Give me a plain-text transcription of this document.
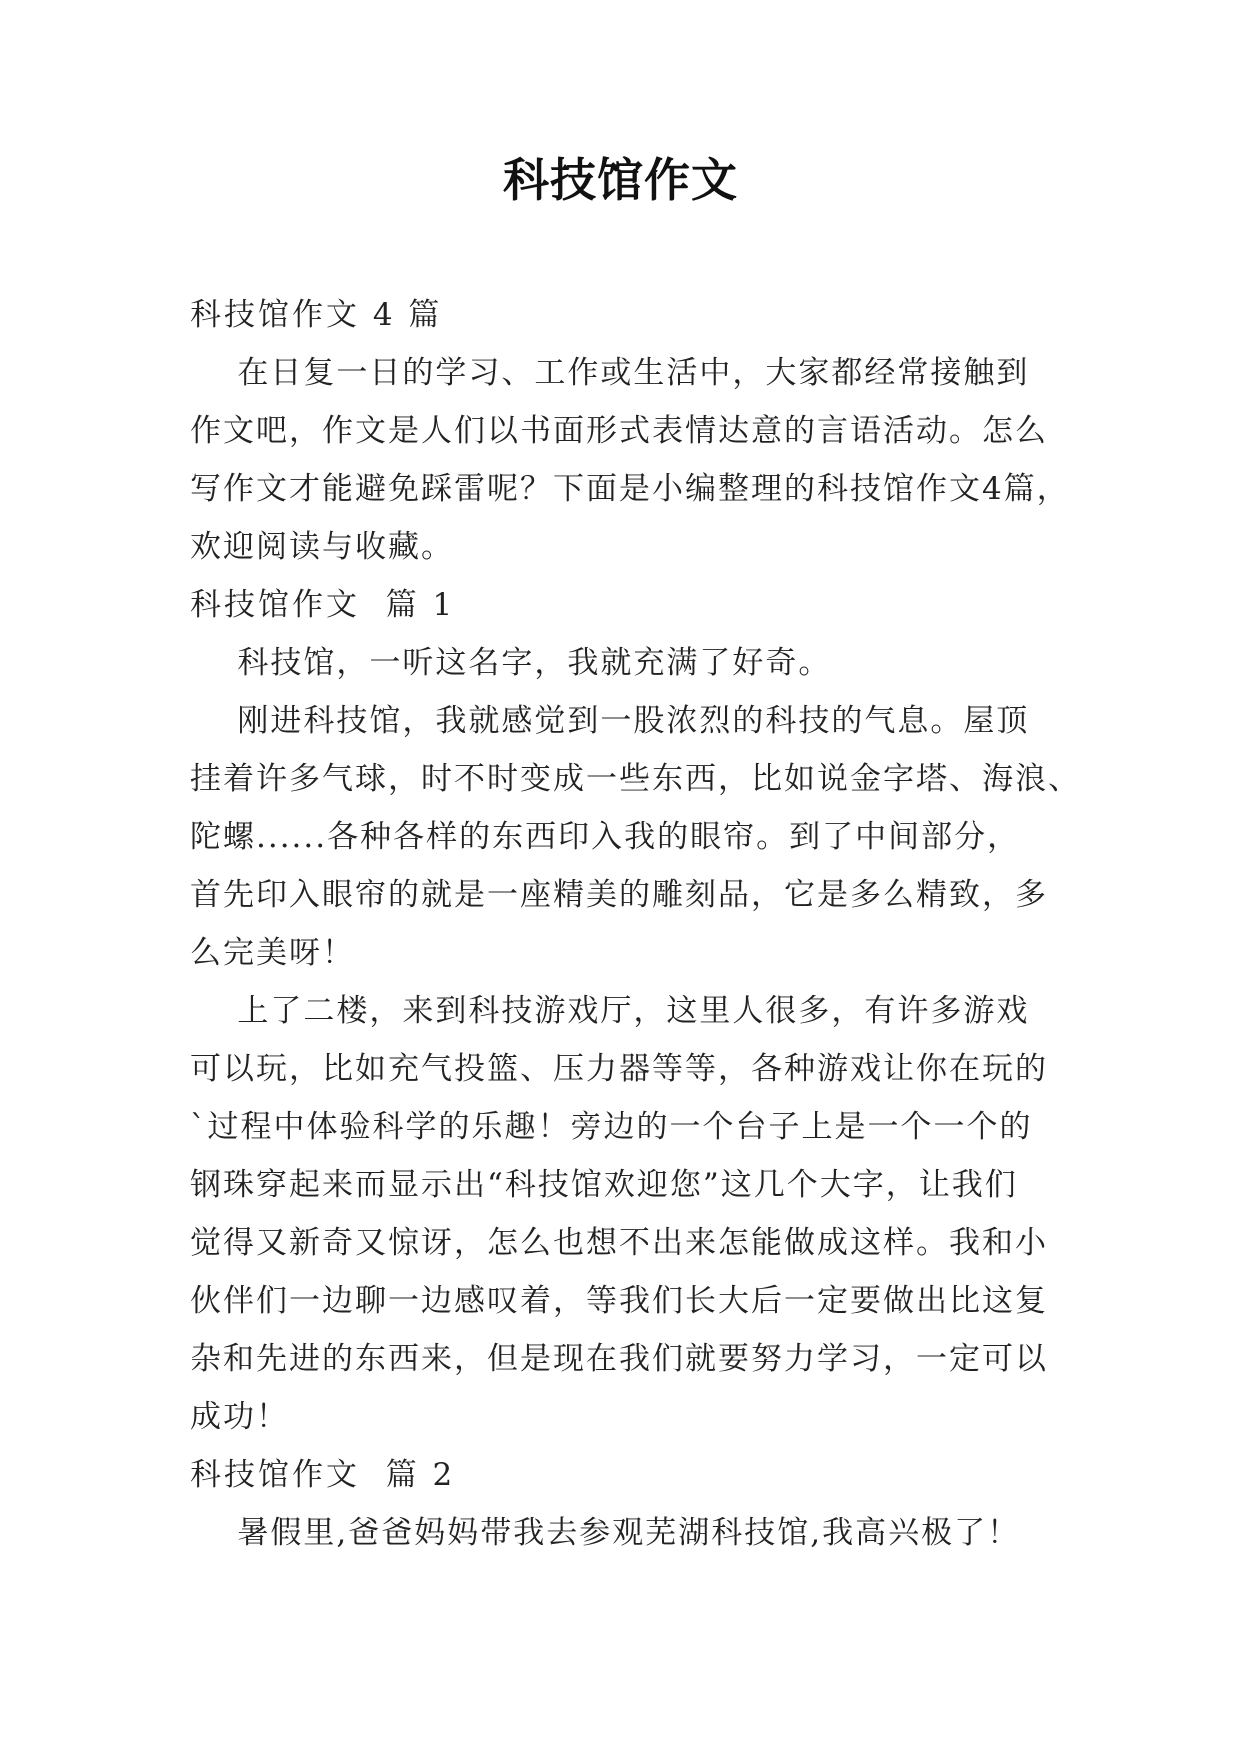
科技馆作文
科技馆作文 4 篇
在日复一日的学习、工作或生活中，大家都经常接触到
作文吧，作文是人们以书面形式表情达意的言语活动。怎么
写作文才能避免踩雷呢？下面是小编整理的科技馆作文4篇，
欢迎阅读与收藏。
科技馆作文  篇 1
科技馆，一听这名字，我就充满了好奇。
刚进科技馆，我就感觉到一股浓烈的科技的气息。屋顶
挂着许多气球，时不时变成一些东西，比如说金字塔、海浪、
陀螺......各种各样的东西印入我的眼帘。到了中间部分，
首先印入眼帘的就是一座精美的雕刻品，它是多么精致，多
么完美呀！
上了二楼，来到科技游戏厅，这里人很多，有许多游戏
可以玩，比如充气投篮、压力器等等，各种游戏让你在玩的
`过程中体验科学的乐趣！旁边的一个台子上是一个一个的
钢珠穿起来而显示出“科技馆欢迎您”这几个大字，让我们
觉得又新奇又惊讶，怎么也想不出来怎能做成这样。我和小
伙伴们一边聊一边感叹着，等我们长大后一定要做出比这复
杂和先进的东西来，但是现在我们就要努力学习，一定可以
成功！
科技馆作文  篇 2
暑假里,爸爸妈妈带我去参观芜湖科技馆,我高兴极了！
